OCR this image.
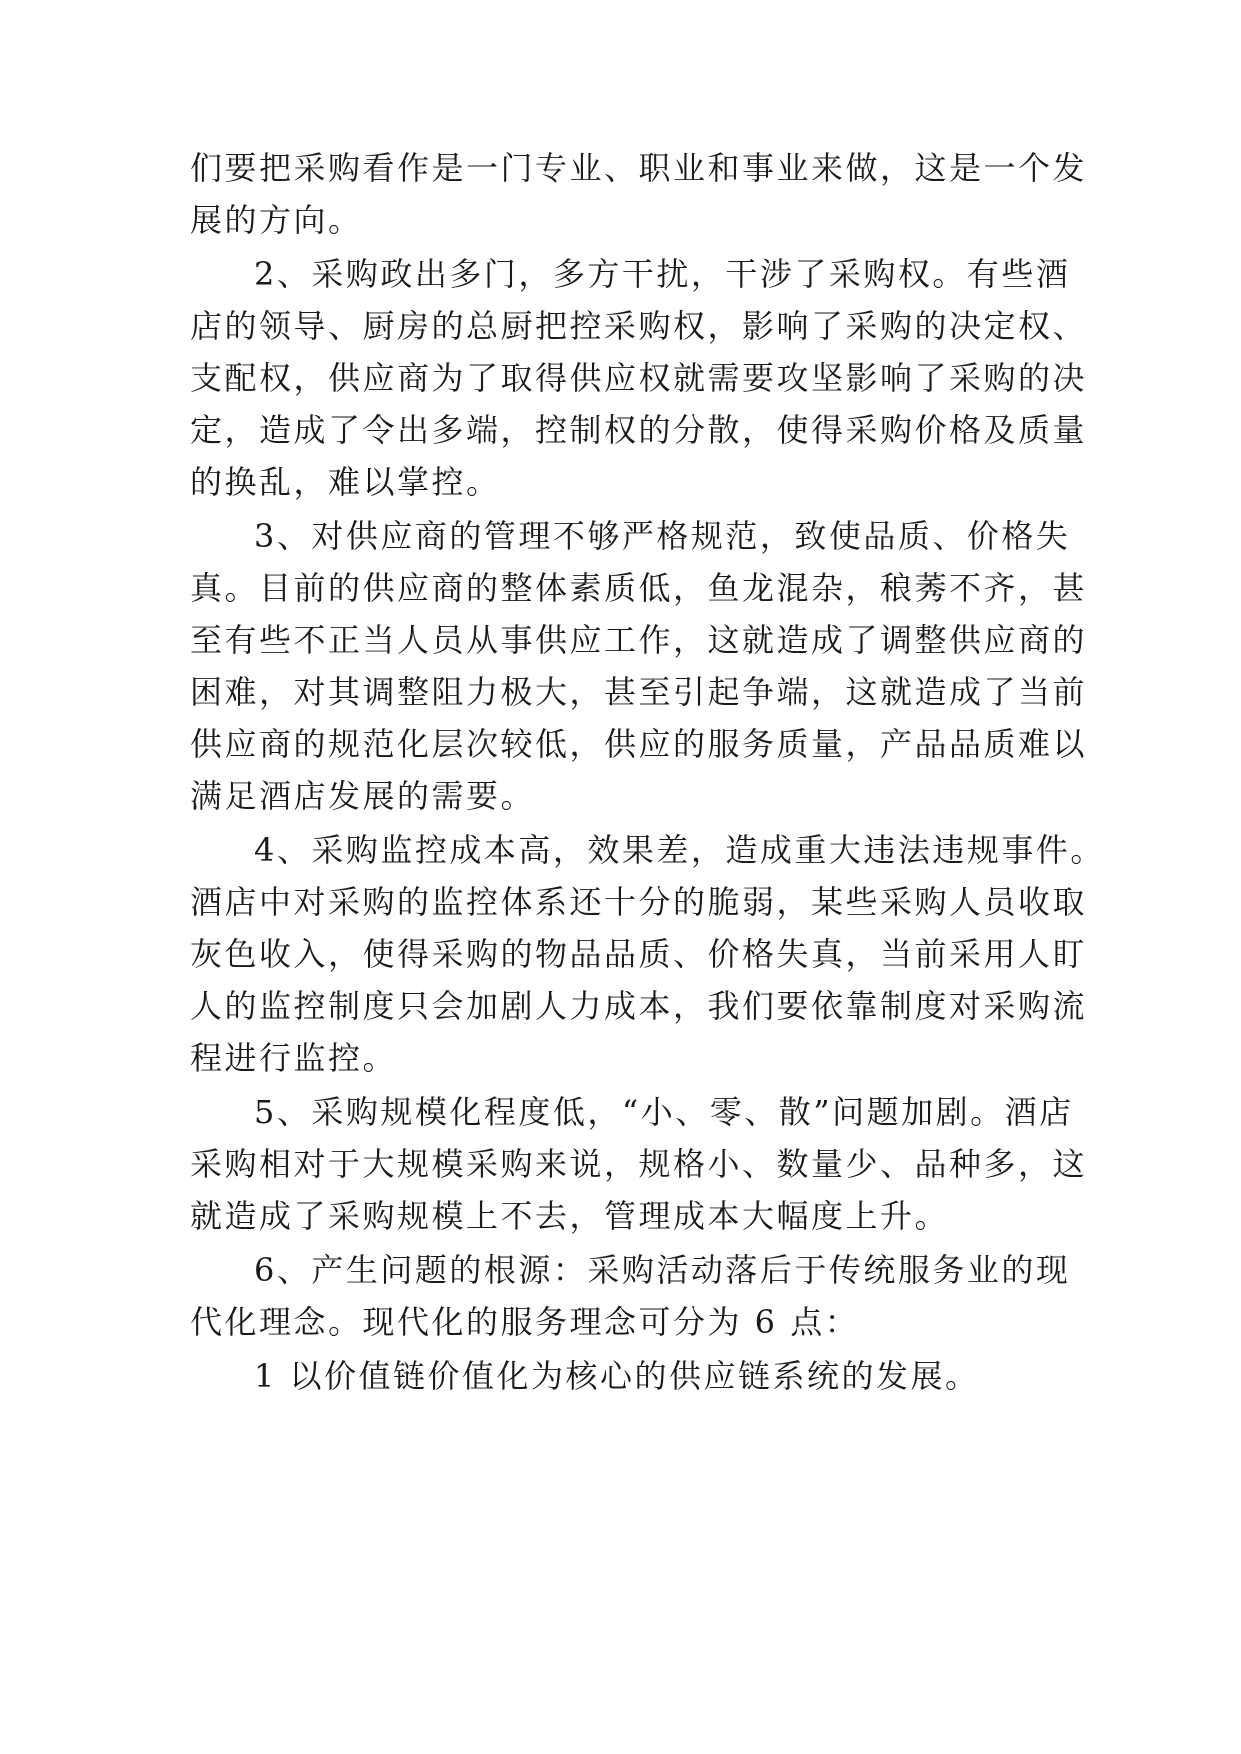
们要把采购看作是一门专业、职业和事业来做，这是一个发
展的方向。
2、采购政出多门，多方干扰，干涉了采购权。有些酒
店的领导、厨房的总厨把控采购权，影响了采购的决定权、
支配权，供应商为了取得供应权就需要攻坚影响了采购的决
定，造成了令出多端，控制权的分散，使得采购价格及质量
的换乱，难以掌控。
3、对供应商的管理不够严格规范，致使品质、价格失
真。目前的供应商的整体素质低，鱼龙混杂，稂莠不齐，甚
至有些不正当人员从事供应工作，这就造成了调整供应商的
困难，对其调整阻力极大，甚至引起争端，这就造成了当前
供应商的规范化层次较低，供应的服务质量，产品品质难以
满足酒店发展的需要。
4、采购监控成本高，效果差，造成重大违法违规事件。
酒店中对采购的监控体系还十分的脆弱，某些采购人员收取
灰色收入，使得采购的物品品质、价格失真，当前采用人盯
人的监控制度只会加剧人力成本，我们要依靠制度对采购流
程进行监控。
5、采购规模化程度低，“小、零、散”问题加剧。酒店
采购相对于大规模采购来说，规格小、数量少、品种多，这
就造成了采购规模上不去，管理成本大幅度上升。
6、产生问题的根源：采购活动落后于传统服务业的现
代化理念。现代化的服务理念可分为 6 点：
1 以价值链价值化为核心的供应链系统的发展。
